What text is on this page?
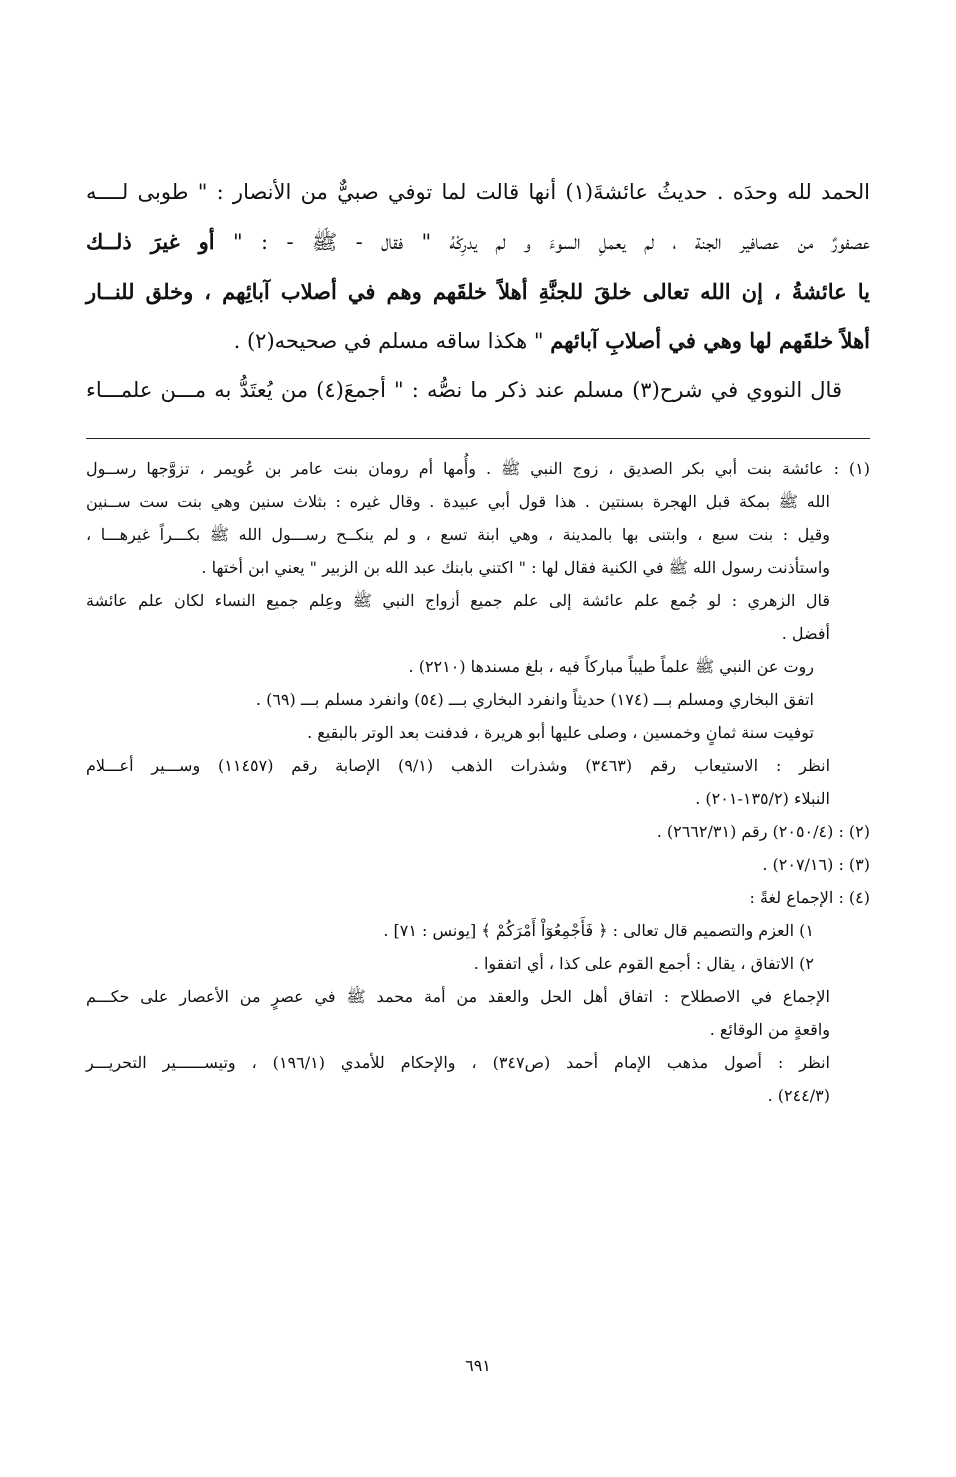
الحمد لله وحدَه . حديثُ عائشةَ(١) أنها قالت لما توفي صبيٌّ من الأنصار : " طوبى لــــه

عصفورٌ من عصافير الجنة ، لم يعملِ السوءَ و لم يدرِكْهُ " فقال - ﷺ - : " أو غيرَ ذلــك

يا عائشةُ ، إن الله تعالى خلقَ للجنَّةِ أهلاً خلقَهم وهم في أصلاب آبائِهم ، وخلق للنــار

أهلاً خلقَهم لها وهي في أصلابِ آبائهم " هكذا ساقه مسلم في صحيحه(٢) .

قال النووي في شرح(٣) مسلم عند ذكر ما نصُّه : " أجمعَ(٤) من يُعتَدُّ به مـــن علمـــاء

(١) : عائشة بنت أبي بكر الصديق ، زوج النبي ﷺ . وأُمها أم رومان بنت عامر بن عُويمر ، تزوَّجها رســول

الله ﷺ بمكة قبل الهجرة بسنتين . هذا قول أبي عبيدة . وقال غيره : بثلاث سنين وهي بنت ست ســنين

وقيل : بنت سبع ، وابتنى بها بالمدينة ، وهي ابنة تسع ، و لم ينكــح رســـول الله ﷺ بكـــراً غيرهـــا ،

واستأذنت رسول الله ﷺ في الكنية فقال لها : " اكتني بابنك عبد الله بن الزبير " يعني ابن أختها .

قال الزهري : لو جُمع علم عائشة إلى علم جميع أزواج النبي ﷺ وعِلم جميع النساء لكان علم عائشة

أفضل .

روت عن النبي ﷺ علماً طيباً مباركاً فيه ، بلغ مسندها (٢٢١٠) .

اتفق البخاري ومسلم بـــ (١٧٤) حديثاً وانفرد البخاري بـــ (٥٤) وانفرد مسلم بـــ (٦٩) .

توفيت سنة ثمانٍ وخمسين ، وصلى عليها أبو هريرة ، فدفنت بعد الوتر بالبقيع .

انظر : الاستيعاب رقم (٣٤٦٣) وشذرات الذهب (٩/١) الإصابة رقم (١١٤٥٧) وســـير أعـــلام

النبلاء (١٣٥/٢-٢٠١) .

(٢) : (٢٠٥٠/٤) رقم (٢٦٦٢/٣١) .

(٣) : (٢٠٧/١٦) .

(٤) : الإجماع لغةً :

١) العزم والتصميم قال تعالى : ﴿ فَأَجْمِعُوٓاْ أَمْرَكُمْ ﴾ [يونس : ٧١] .

٢) الاتفاق ، يقال : أجمع القوم على كذا ، أي اتفقوا .

الإجماع في الاصطلاح : اتفاق أهل الحل والعقد من أمة محمد ﷺ في عصرٍ من الأعصار على حكـــم

واقعةٍ من الوقائع .

انظر : أصول مذهب الإمام أحمد (ص٣٤٧) ، والإحكام للأمدي (١٩٦/١) ، وتيســــــير التحريـــر

(٢٤٤/٣) .

٦٩١
